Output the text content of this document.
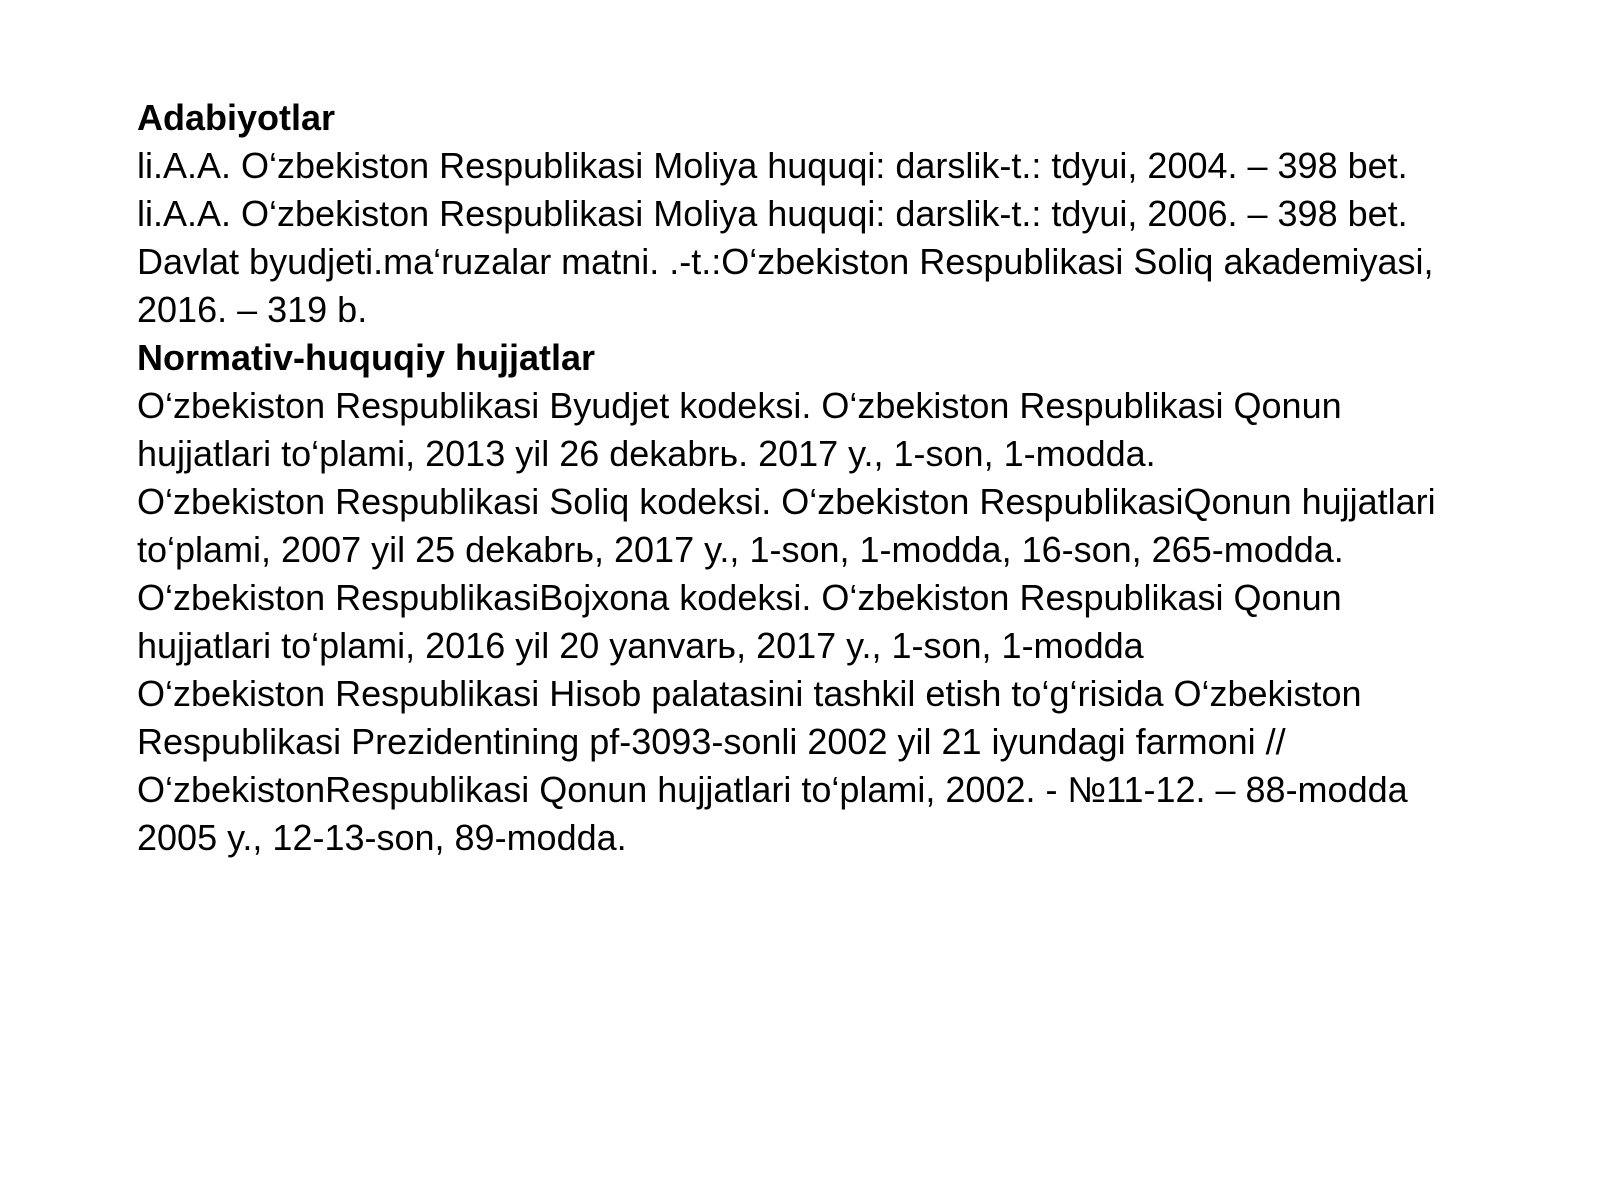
Adabiyotlar

li.A.A. O‘zbekiston Respublikasi Moliya huquqi: darslik-t.: tdyui, 2004. – 398 bet.

li.A.A. O‘zbekiston Respublikasi Moliya huquqi: darslik-t.: tdyui, 2006. – 398 bet.

Davlat byudjeti.ma‘ruzalar matni. .-t.:O‘zbekiston Respublikasi Soliq akademiyasi, 2016. – 319 b.

Normativ-huquqiy hujjatlar

O‘zbekiston Respublikasi Byudjet kodeksi. O‘zbekiston Respublikasi Qonun hujjatlari to‘plami, 2013 yil 26 dekabrь. 2017 y., 1-son, 1-modda.

O‘zbekiston Respublikasi Soliq kodeksi. O‘zbekiston RespublikasiQonun hujjatlari to‘plami, 2007 yil 25 dekabrь, 2017 y., 1-son, 1-modda, 16-son, 265-modda.

O‘zbekiston RespublikasiBojxona kodeksi. O‘zbekiston Respublikasi Qonun hujjatlari to‘plami, 2016 yil 20 yanvarь, 2017 y., 1-son, 1-modda

O‘zbekiston Respublikasi Hisob palatasini tashkil etish to‘g‘risida O‘zbekiston Respublikasi Prezidentining pf-3093-sonli 2002 yil 21 iyundagi farmoni // O‘zbekistonRespublikasi Qonun hujjatlari to‘plami, 2002. - №11-12. – 88-modda 2005 y., 12-13-son, 89-modda.
